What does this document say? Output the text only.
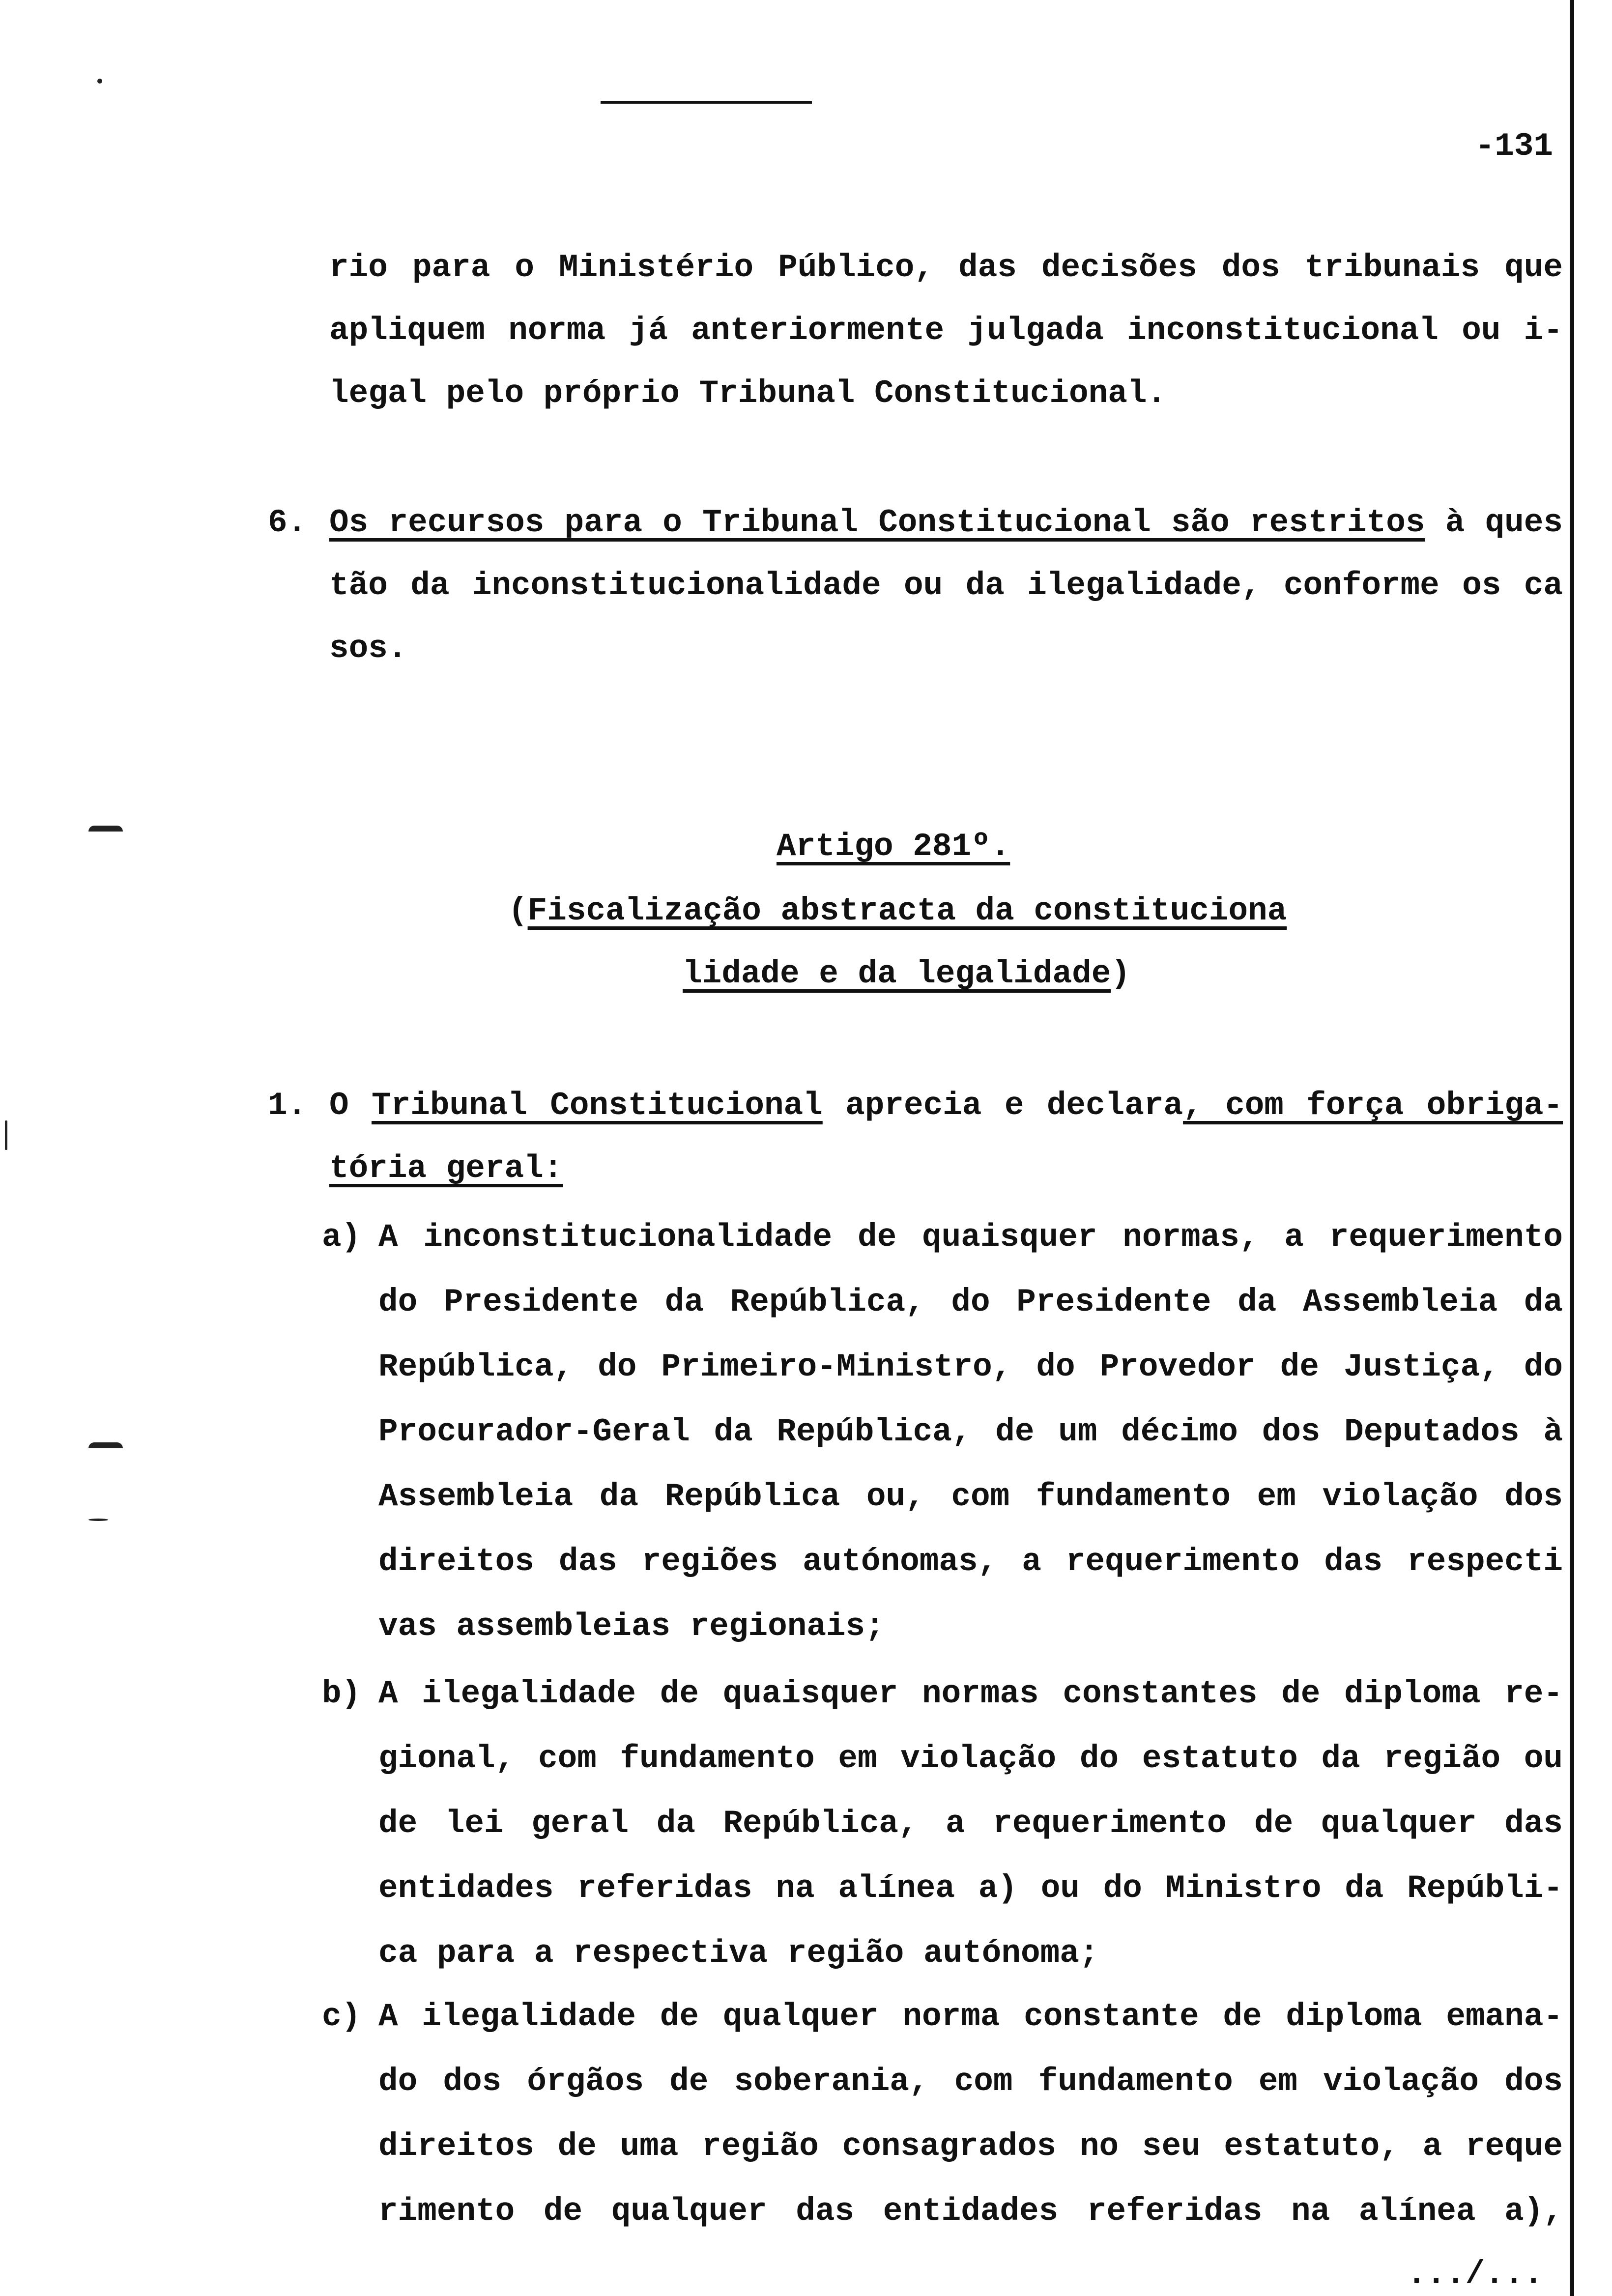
-131
rio para o Ministério Público, das decisões dos tribunais que
apliquem norma já anteriormente julgada inconstitucional ou i-
legal pelo próprio Tribunal Constitucional.
6. Os recursos para o Tribunal Constitucional são restritos à ques
tão da inconstitucionalidade ou da ilegalidade, conforme os ca
sos.
Artigo 281º.
(Fiscalização abstracta da constituciona
lidade e da legalidade)
1. O Tribunal Constitucional aprecia e declara, com força obriga-
tória geral:
a) A inconstitucionalidade de quaisquer normas, a requerimento
do Presidente da República, do Presidente da Assembleia da
República, do Primeiro-Ministro, do Provedor de Justiça, do
Procurador-Geral da República, de um décimo dos Deputados à
Assembleia da República ou, com fundamento em violação dos
direitos das regiões autónomas, a requerimento das respecti
vas assembleias regionais;
b) A ilegalidade de quaisquer normas constantes de diploma re-
gional, com fundamento em violação do estatuto da região ou
de lei geral da República, a requerimento de qualquer das
entidades referidas na alínea a) ou do Ministro da Repúbli-
ca para a respectiva região autónoma;
c) A ilegalidade de qualquer norma constante de diploma emana-
do dos órgãos de soberania, com fundamento em violação dos
direitos de uma região consagrados no seu estatuto, a reque
rimento de qualquer das entidades referidas na alínea a),
.../...
